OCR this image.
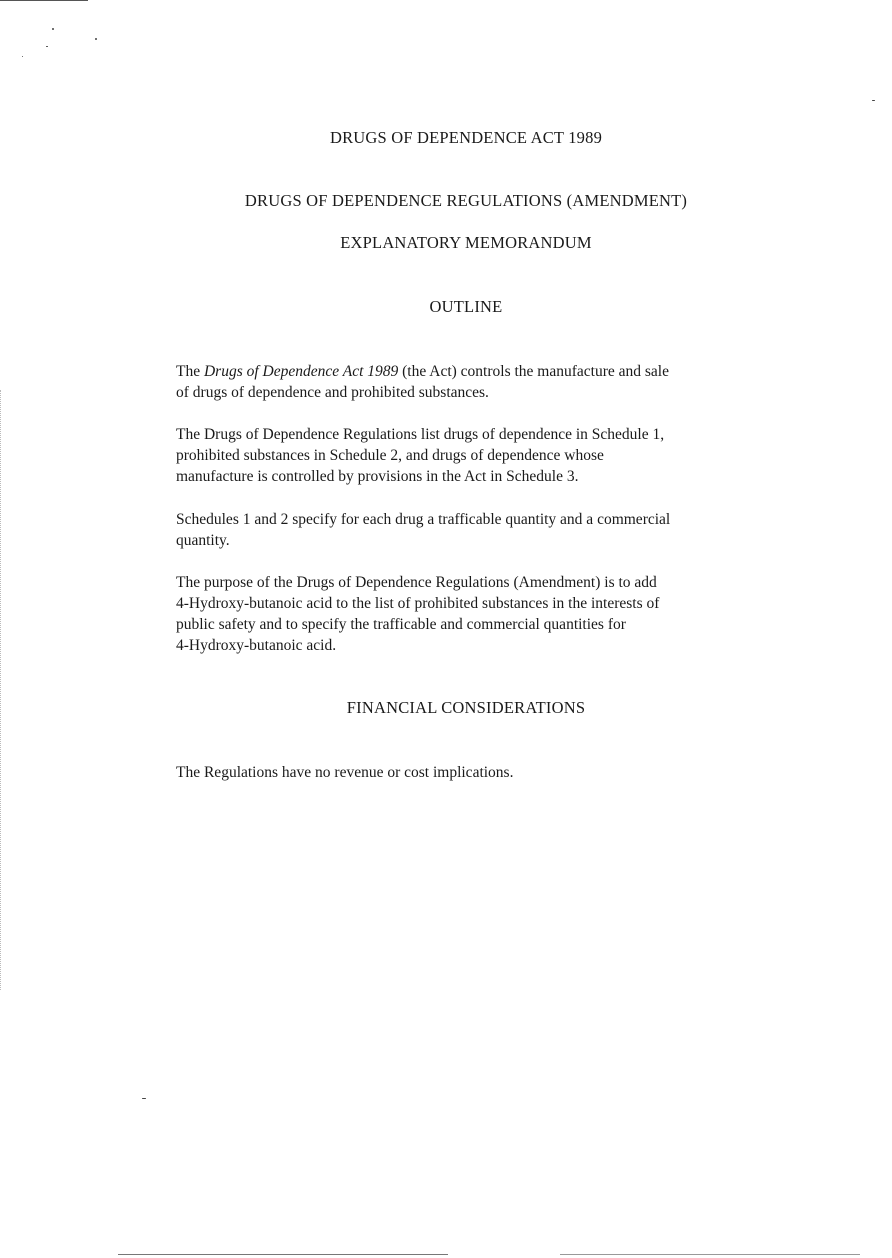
DRUGS OF DEPENDENCE ACT 1989
DRUGS OF DEPENDENCE REGULATIONS (AMENDMENT)
EXPLANATORY MEMORANDUM
OUTLINE

The Drugs of Dependence Act 1989 (the Act) controls the manufacture and sale
of drugs of dependence and prohibited substances.

The Drugs of Dependence Regulations list drugs of dependence in Schedule 1,
prohibited substances in Schedule 2, and drugs of dependence whose
manufacture is controlled by provisions in the Act in Schedule 3.

Schedules 1 and 2 specify for each drug a trafficable quantity and a commercial
quantity.

The purpose of the Drugs of Dependence Regulations (Amendment) is to add
4-Hydroxy-butanoic acid to the list of prohibited substances in the interests of
public safety and to specify the trafficable and commercial quantities for
4-Hydroxy-butanoic acid.

FINANCIAL CONSIDERATIONS

The Regulations have no revenue or cost implications.
